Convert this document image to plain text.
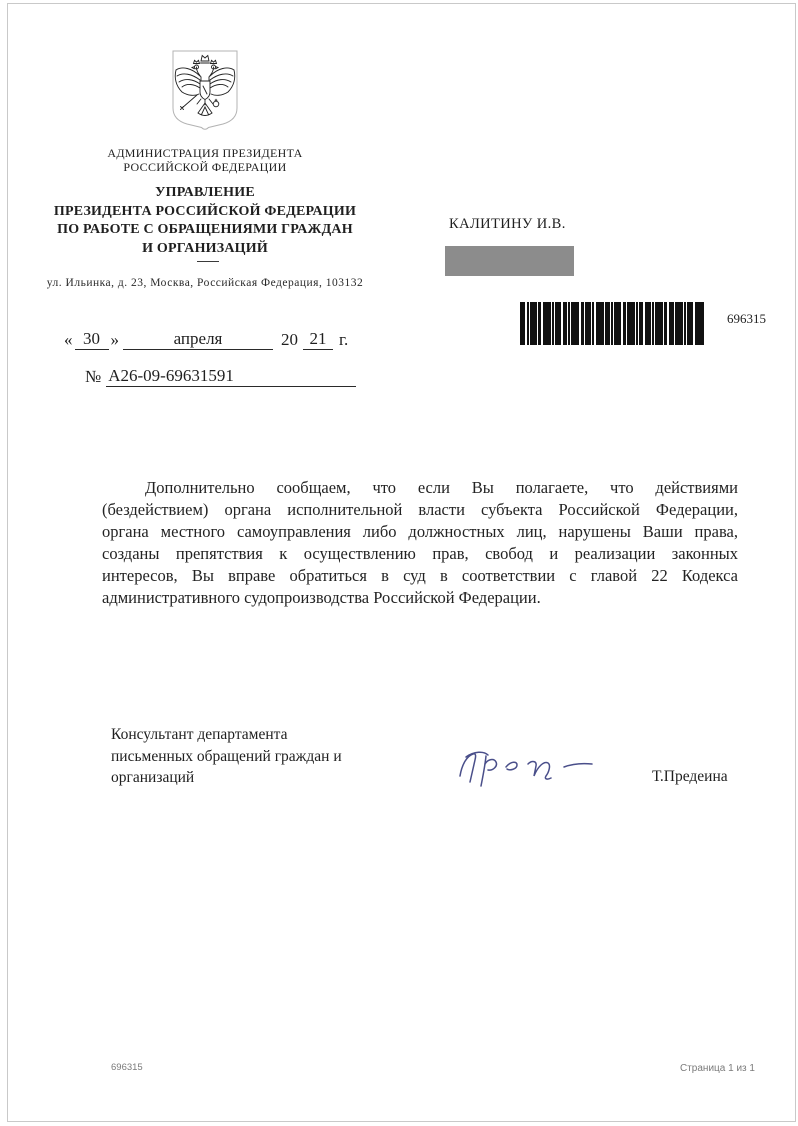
АДМИНИСТРАЦИЯ ПРЕЗИДЕНТА
РОССИЙСКОЙ ФЕДЕРАЦИИ
УПРАВЛЕНИЕ
ПРЕЗИДЕНТА РОССИЙСКОЙ ФЕДЕРАЦИИ
ПО РАБОТЕ С ОБРАЩЕНИЯМИ ГРАЖДАН
И ОРГАНИЗАЦИЙ
ул. Ильинка, д. 23, Москва, Российская Федерация, 103132
« 30 »	апреля	20 21 г.
№ А26-09-69631591
КАЛИТИНУ И.В.
696315
Дополнительно сообщаем, что если Вы полагаете, что действиями
(бездействием) органа исполнительной власти субъекта Российской Федерации,
органа местного самоуправления либо должностных лиц, нарушены Ваши права,
созданы препятствия к осуществлению прав, свобод и реализации законных
интересов, Вы вправе обратиться в суд в соответствии с главой 22 Кодекса
административного судопроизводства Российской Федерации.
Консультант департамента
письменных обращений граждан и
организаций	Т.Предеина
696315	Страница 1 из 1
